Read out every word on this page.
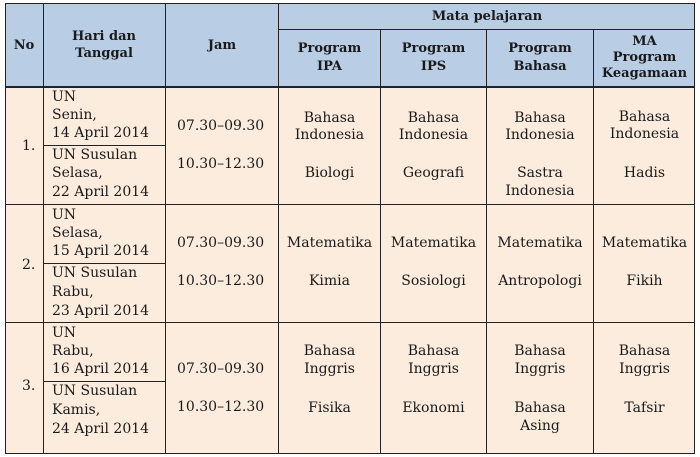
No
Hari dan
Tanggal
Jam
Mata pelajaran
Program
IPA
Program
IPS
Program
Bahasa
MA
Program
Keagamaan
1.
UN
Senin,
14 April 2014
UN Susulan
Selasa,
22 April 2014
07.30–09.30
10.30–12.30
Bahasa
Indonesia
Biologi
Bahasa
Indonesia
Geografi
Bahasa
Indonesia
Sastra
Indonesia
Bahasa
Indonesia
Hadis
2.
UN
Selasa,
15 April 2014
UN Susulan
Rabu,
23 April 2014
07.30–09.30
10.30–12.30
Matematika
Kimia
Matematika
Sosiologi
Matematika
Antropologi
Matematika
Fikih
3.
UN
Rabu,
16 April 2014
UN Susulan
Kamis,
24 April 2014
07.30–09.30
10.30–12.30
Bahasa
Inggris
Fisika
Bahasa
Inggris
Ekonomi
Bahasa
Inggris
Bahasa
Asing
Bahasa
Inggris
Tafsir
